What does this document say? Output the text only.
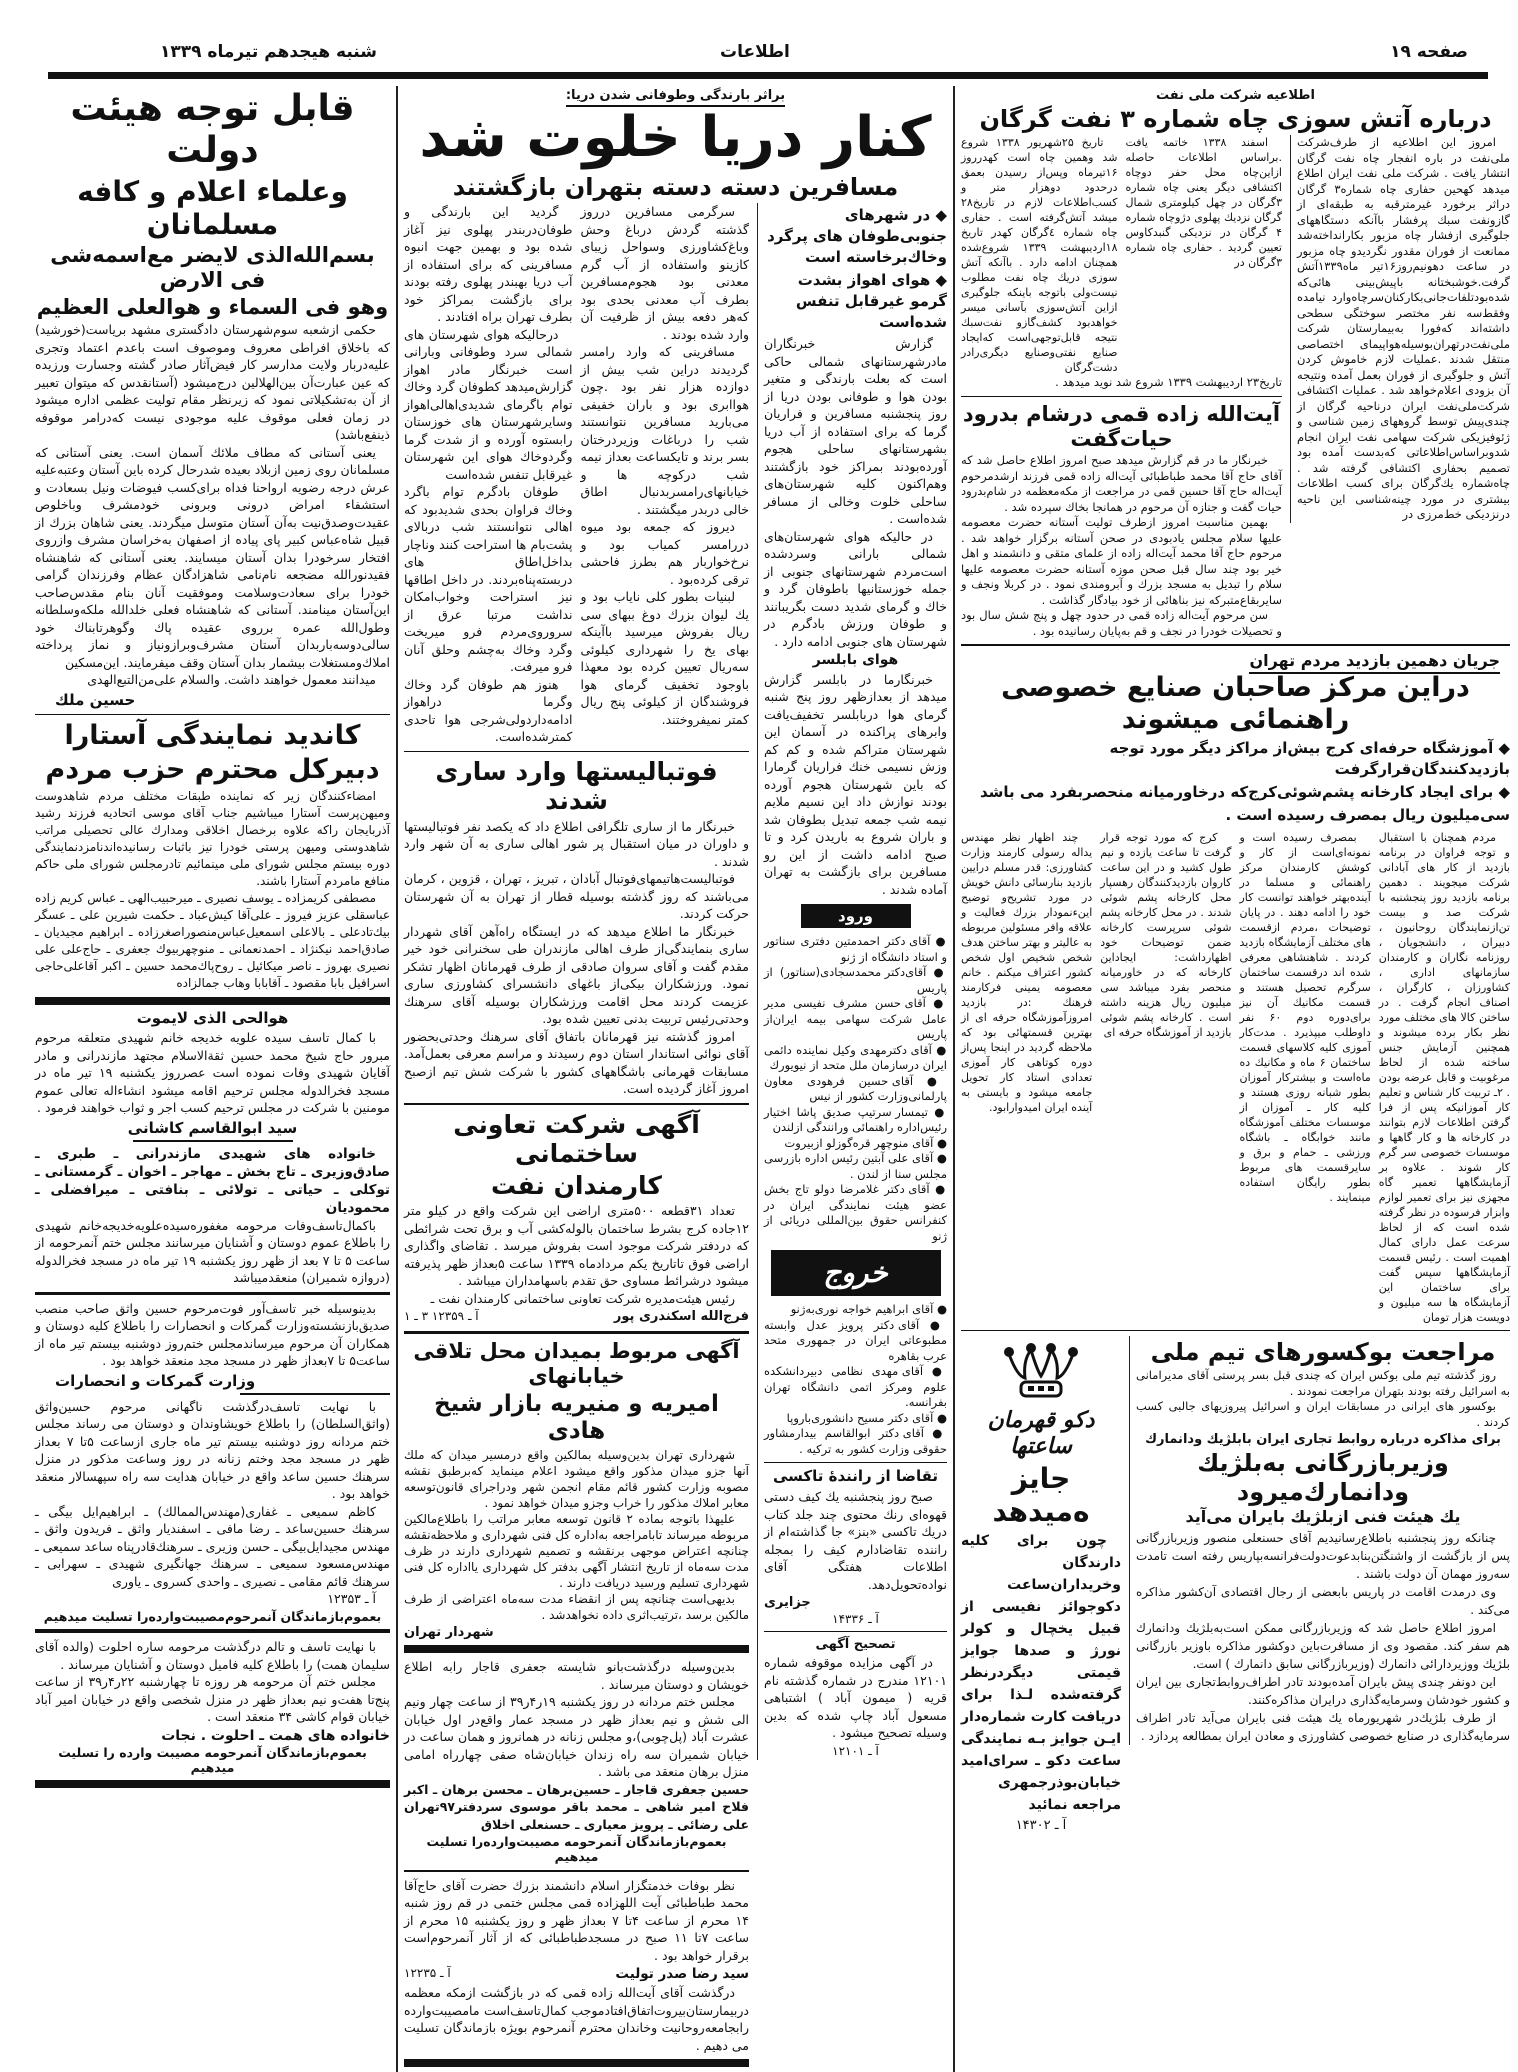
صفحه ۱۹
اطلاعات
شنبه هیجدهم تیرماه ۱۳۳۹
اطلاعیه شرکت ملی نفت
درباره آتش سوزی چاه شماره ۳ نفت گرگان

امروز این اطلاعیه از طرف‌شرکت ملی‌نفت در باره انفجار چاه نفت گرگان انتشار یافت . شرکت ملی نفت ایران اطلاع میدهد کهحین حفاری چاه شماره۳ گرگان دراثر برخورد غیرمترقبه به طبقه‌ای از گازونفت سبك پرفشار باآنکه دستگاههای جلوگیری ازفشار چاه مزبور بکارانداخته‌شد ممانعت از فوران مقدور نگردیدو چاه مزبور در ساعت دهونیم‌روز۱۶تیر ماه۱۳۳۹آتش گرفت.خوشبختانه باپیش‌بینی هائی‌که شده‌بودتلفات‌جانی‌بکارکنان‌سرچاه‌وارد نیامده وفقط‌سه نفر مختصر سوختگی سطحی داشته‌اند که‌فورا به‌بیمارستان شرکت ملی‌نفت‌در‌تهران‌بوسیله‌هواپیمای اختصاصی منتقل شدند .عملیات لازم خاموش کردن آتش و جلوگیری از فوران بعمل آمده ونتیجه آن بزودی اعلام‌خواهد شد . عملیات اکتشافی شرکت‌ملی‌نفت ایران درناحیه گرگان از چندی‌پیش توسط گروههای زمین شناسی و ژئوفیزیکی شرکت سهامی نفت ایران انجام شدوبراساس‌اطلاعاتی که‌بدست آمده بود تصمیم بحفاری اکتشافی گرفته شد . چاه‌شماره یك‌گرگان برای کسب اطلاعات بیشتری در مورد چینه‌شناسی این ناحیه درنزدیکی خط‌مرزی در

اسفند ۱۳۳۸ خاتمه یافت .براساس اطلاعات حاصله ازاین‌چاه محل حفر دوچاه اکتشافی دیگر یعنی چاه شماره ۳گرگان در چهل کیلومتری شمال گرگان نزدیك پهلوی دژوچاه شماره ۴ گرگان در نزدیکی گنبدکاوس تعیین گردید . حفاری چاه شماره ۳گرگان در

تاریخ ۲۵شهریور ۱۳۳۸ شروع شد وهمین چاه است کهدرروز ۱۶تیرماه وپس‌از رسیدن بعمق درحدود دوهزار متر و کسب‌اطلاعات لازم در تاریخ۲۸ میشد آتش‌گرفته است . حفاری چاه شماره ٤گرگان کهدر تاریخ ۱۸اردیبهشت ۱۳۳۹ شروع‌شده همچنان ادامه دارد . باآنکه آتش سوزی دریك چاه نفت مطلوب نیست‌ولی باتوجه باینکه جلوگیری ازاین آتش‌سوزی بآسانی میسر خواهدبود کشف‌گازو نفت‌سبك نتیجه قابل‌توجهی‌است که‌ایجاد صنایع نفتی‌وصنایع دیگری‌رادر دشت‌گرگان

تاریخ۲۳ اردیبهشت ۱۳۳۹ شروع شد نوید میدهد .
آیت‌الله زاده قمی درشام بدرود حیات‌گفت

خبرنگار ما در قم گزارش میدهد صبح امروز اطلاع حاصل شد که آقای حاج آقا محمد طباطبائی آیت‌اله زاده قمی فرزند ارشدمرحوم آیت‌اله حاج آقا حسین قمی در مراجعت از مکه‌معظمه در شام‌بدرود حیات گفت و جنازه آن مرحوم در همانجا بخاك سپرده شد .

بهمین مناسبت امروز ازطرف تولیت آستانه حضرت معصومه علیها سلام مجلس یادبودی در صحن آستانه برگزار خواهد شد . مرحوم حاج آقا محمد آیت‌اله زاده از علمای متقی و دانشمند و اهل خیر بود چند سال قبل صحن موزه آستانه حضرت معصومه علیها سلام را تبدیل به مسجد بزرك و آبرومندی نمود . در کربلا ونجف و سایربقاع‌متبرکه نیز بناهائی از خود بیادگار گذاشت .

سن مرحوم آیت‌اله زاده قمی در حدود چهل و پنج شش سال بود و تحصیلات خودرا در نجف و قم به‌پایان رسانیده بود .

جریان دهمین بازدید مردم تهران
دراین مرکز صاحبان صنایع خصوصی راهنمائی میشوند
◆ آموزشگاه حرفه‌ای کرج بیش‌از مراکز دیگر مورد توجه بازدیدکنندگان‌قرارگرفت
◆ برای ایجاد کارخانه پشم‌شوئی‌کرج‌که درخاورمیانه منحصربفرد می باشد
سی‌میلیون ریال بمصرف رسیده است .

مردم همچنان با استقبال و توجه فراوان در برنامه بازدید از کار های آبادانی شرکت میجویند . دهمین برنامه بازدید روز پنجشنبه با شرکت صد و بیست تن‌ازنمایندگان روحانیون ، دبیران ، دانشجویان ، روزنامه نگاران و کارمندان سازمانهای اداری ، کشاورزان ، کارگران ، اصناف انجام گرفت . در ساختن کالا های مختلف مورد نظر بکار برده میشوند و همچنین آزمایش جنس ساخته شده از لحاظ مرغوبیت و قابل عرضه بودن . ۲ـ تربیت کار شناس و تعلیم کار آموزانیکه پس از فرا گرفتن اطلاعات لازم بتوانند در کارخانه ها و کار گاهها و موسسات خصوصی سر گرم کار شوند . علاوه بر آزمایشگاهها تعمیر گاه مجهزی نیز برای تعمیر لوازم وابزار فرسوده در نظر گرفته شده است که از لحاظ سرعت عمل دارای کمال اهمیت است . رئیس قسمت آزمایشگاهها سپس گفت برای ساختمان این آزمایشگاه ها سه میلیون و دویست هزار تومان

بمصرف رسیده است و نمونه‌ای‌است از کار و کوشش کارمندان مرکز راهنمائی و مسلما در آینده‌بهتر خواهند توانست کار خود را ادامه دهند . در پایان توضیحات ،مردم ازقسمت های مختلف آزمایشگاه بازدید کردند . شاهنشاهی معرفی شده اند درقسمت ساختمان سرگرم تحصیل هستند و قسمت مکانیك آن نیز برای‌دوره دوم ۶۰ نفر داوطلب میپذیرد . مدت‌کار آموزی کلیه کلاسهای قسمت ساختمان ۶ ماه و مکانیك ده ماه‌است و بیشتر‌کار آموزان بطور شبانه روزی هستند و کلیه کار ـ آموزان از موسسات مختلف آموزشگاه مانند خوابگاه ـ باشگاه ورزشی ـ حمام و برق و سایرقسمت های مربوط بطور رایگان استفاده مینمایند .

کرج که مورد توجه قرار گرفت تا ساعت یازده و نیم طول کشید و در این ساعت کاروان بازدیدکنندگان رهسپار محل کارخانه پشم شوئی شدند . در محل کارخانه پشم شوئی سرپرست کارخانه ضمن توضیحات خود اظهارداشت: ایجاداین کارخانه که در خاورمیانه منحصر بفرد میباشد سی میلیون ریال هزینه داشته است . کارخانه پشم شوئی بازدید از آموزشگاه حرفه ای

چند اظهار نظر مهندس یداله رسولی کارمند وزارت کشاورزی: قدر مسلم درایین بازدید بنارسائی دانش خویش در مورد تشریح‌و توضیح اینءنمودار بزرك فعالیت و علاقه وافر مسئولین مربوطه به عالیتر و بهتر ساختن هدف شخص شخیص اول شخص کشور اعتراف میکنم . خانم معصومه یمینی فرکارمند فرهنك :در بازدید امروزآموزشگاه حرفه ای از بهترین قسمتهائی بود که ملاحظه گردید در اینجا پس‌از دوره کوتاهی کار آموزی تعدادی استاد کار تحویل جامعه میشود و بایستی به آینده ایران امیدوارابود.

مراجعت بوکسورهای تیم ملی

روز گذشته تیم ملی بوکس ایران که چندی قبل بسر پرستی آقای مدیرامانی به اسرائیل رفته بودند بتهران مراجعت نمودند .

بوکسور های ایرانی در مسابقات ایران و اسرائیل پیروزیهای جالبی کسب کردند .

برای مذاکره درباره روابط تجاری ایران بابلژیك ودانمارك
وزیربازرگانی به‌بلژیك ودانمارك‌میرود
یك هیئت فنی ازبلژیك بایران می‌آید

چنانکه روز پنجشنبه باطلاع‌رسانیدیم آقای حسنعلی منصور وزیربازرگانی پس از بازگشت از واشنگتن‌بنابدعوت‌دولت‌فرانسه‌بپاریس رفته است تامدت سه‌روز مهمان آن دولت باشند .

وی درمدت اقامت در پاریس بابعضی از رجال اقتصادی آن‌کشور مذاکره می‌کند .

امروز اطلاع حاصل شد که وزیربازرگانی ممکن است‌به‌بلژیك ودانمارك هم سفر کند. مقصود وی از مسافرت‌باین دوکشور مذاکره باوزیر بازرگانی بلژیك ووزیردارائی دانمارك (وزیربازرگانی سابق دانمارك ) است.

این دونفر چندی پیش بایران آمده‌بودند تادر اطراف‌روابط‌تجاری بین ایران و کشور خودشان وسرمایه‌گذاری درایران مذاکره‌کنند.

از طرف بلژیك‌در شهریورماه یك هیئت فنی بایران می‌آید تادر اطراف سرمایه‌گذاری در صنایع خصوصی کشاورزی و معادن ایران بمطالعه پردازد .

دکو قهرمان ساعتها
جایز ه‌میدهد

چون برای کلیه دارندگان وخریداران‌ساعت دکوجوائز نفیسی از قبیل یخچال و کولر نورژ و صدها جوایز قیمتی دیگردرنظر گرفته‌شده لـذا برای دریافت کارت شماره‌دار ایـن جوایز بـه نمایندگی ساعت دکو ـ سرای‌امید خیابان‌بوذرجمهری مراجعه نمائید

آ ـ ۱۴۳۰۲
براثر بارندگی وطوفانی شدن دریا:
کنار دریا خلوت شد
مسافرین دسته دسته بتهران بازگشتند
◆ در شهرهای جنوبی‌طوفان های پرگرد وخاك‌برخاسته است
◆ هوای اهواز بشدت گرمو غیرقابل تنفس شده‌است

گزارش خبرنگاران مادرشهرستانهای شمالی حاکی است که بعلت بارندگی و متغیر بودن هوا و طوفانی بودن دریا از روز پنجشنبه مسافرین و فراریان گرما که برای استفاده از آب دریا بشهرستانهای ساحلی هجوم آورده‌بودند بمراکز خود بازگشتند وهم‌اکنون کلیه شهرستان‌های ساحلی خلوت وخالی از مسافر شده‌است .

در حالیکه هوای شهرستان‌های شمالی بارانی وسردشده است‌مردم شهرستانهای جنوبی از جمله خوزستانیها باطوفان گرد و خاك و گرمای شدید دست بگریبانند و طوفان ورزش بادگرم در شهرستان های جنوبی ادامه دارد .

هوای بابلسر

خبرنگارما در بابلسر گزارش میدهد از بعدازظهر روز پنج شنبه گرمای هوا دربابلسر تخفیف‌یافت وابرهای پراکنده در آسمان این شهرستان متراکم شده و کم کم وزش نسیمی خنك فراریان گرمارا که باین شهرستان هجوم آورده بودند نوازش داد این نسیم ملایم نیمه شب جمعه تبدیل بطوفان شد و باران شروع به باریدن کرد و تا صبح ادامه داشت از این رو مسافرین برای بازگشت به تهران آماده شدند .

ورود

● آقای دکتر احمدمتین دفتری سناتور و استاد دانشگاه از ژنو

● آقای‌دکتر محمدسجادی(سناتور) از پاریس

● آقای حسن مشرف نفیسی مدیر عامل شرکت سهامی بیمه ایران‌از پاریس

● آقای دکترمهدی وکیل نماینده دائمی ایران درسازمان ملل متحد از نیویورك

● آقای حسین فرهودی معاون پارلمانی‌وزارت کشور از نیس

● تیمسار سرتیپ صدیق پاشا اختیار رئیس‌اداره راهنمائی ورانندگی ازلندن

● آقای منوچهر قره‌گوزلو ازبیروت

● آقای علی آبتین رئیس اداره بازرسی مجلس سنا از لندن .

● آقای دکتر غلامرضا دولو تاج بخش عضو هیئت نمایندگی ایران در کنفرانس حقوق بین‌المللی دریائی از ژنو

خروج

● آقای ابراهیم خواجه نوری‌به‌ژنو

● آقای دکتر پرویز عدل وابسته مطبوعاتی ایران در جمهوری متحد عرب بقاهره

● آقای مهدی نظامی دبیردانشکده علوم ومرکز اتمی دانشگاه تهران بفرانسه.

● آقای دکتر مسیح دانشوری‌باروپا

● آقای دکتر ابوالقاسم بیدارمشاور حقوقی وزارت کشور به ترکیه .

تقاضا از رانندۀ تاکسی

صبح روز پنجشنبه یك کیف دستی قهوه‌ای رنك محتوی چند جلد کتاب دریك تاکسی «بنز» جا گذاشته‌ام از راننده تقاضادارم کیف را بمجله اطلاعات هفتگی آقای نواده‌تحویل‌دهد.

جزایری
آ ـ ۱۴۳۳۶
تصحیح آگهی

در آگهی مزایده موقوفه شماره ۱۲۱۰۱ مندرج در شماره گذشته نام قریه ( میمون آباد ) اشتباهی مسعول آباد چاپ شده که بدین وسیله تصحیح میشود .

آ ـ ۱۲۱۰۱

سرگرمی مسافرین درروز گذشته گردش درباغ وحش وباغ‌کشاورزی وسواحل زیبای کازینو واستفاده از آب گرم معدنی بود هجوم‌مسافرین بطرف آب معدنی بحدی بود که‌هر دفعه بیش از ظرفیت آن وارد شده بودند .

مسافرینی که وارد رامسر گردیدند دراین شب بیش از دوازده هزار نفر بود .چون هواابری بود و باران خفیفی می‌بارید مسافرین نتوانستند شب را درباغات وزیردرختان بسر برند و تایکساعت بعداز نیمه شب درکوچه ها و خیابانهای‌رامسربدنبال اطاق خالی دربدر میگشتند .

دیروز که جمعه بود میوه دررامسر کمیاب بود و نرخ‌خواربار هم بطرز فاحشی ترقی کرده‌بود .

لبنیات بطور کلی نایاب بود و یك لیوان بزرك دوغ ببهای سی ریال بفروش میرسید باآینکه بهای یخ را شهرداری کیلوئی سه‌ریال تعیین کرده بود معهذا باوجود تخفیف گرمای هوا فروشندگان از کیلوئی پنج ریال کمتر نمیفروختند.

گردید این بارندگی و طوفان‌دربندر پهلوی نیز آغاز شده بود و بهمین جهت انبوه مسافرینی که برای استفاده از آب دریا بهبندر پهلوی رفته بودند برای بازگشت بمراکز خود بطرف تهران براه افتادند .

درحالیکه هوای شهرستان های شمالی سرد وطوفانی وبارانی است خبرنگار مادر اهواز گزارش‌میدهد کطوفان گرد وخاك توام باگرمای شدیدی‌اهالی‌اهواز وسایرشهرستان های خوزستان رابستوه آورده و از شدت گرما وگردوخاك هوای این شهرستان غیرقابل تنفس شده‌است

طوفان بادگرم توام باگرد وخاك فراوان بحدی شدیدبود که اهالی نتوانستند شب دربالای پشت‌بام ها استراحت کنند وناچار بداخل‌اطاق های دربسته‌پناه‌بردند. در داخل اطاقها نیز استراحت وخواب‌امکان نداشت مرتبا عرق از سروروی‌مردم فرو میریخت وگرد وخاك به‌چشم وحلق آنان فرو میرفت.

هنوز هم طوفان گرد وخاك وگرما دراهواز ادامه‌داردولی‌شرجی هوا تاحدی کمترشده‌است.

فوتبالیستها وارد ساری شدند

خبرنگار ما از ساری تلگرافی اطلاع داد که یکصد نفر فوتبالیستها و داوران در میان استقبال پر شور اهالی ساری به آن شهر وارد شدند .

فوتبالیست‌هاتیمهای‌فوتبال آبادان ، تبریز ، تهران ، قزوین ، کرمان می‌باشند که روز گذشته بوسیله قطار از تهران به آن شهرستان حرکت کردند.

خبرنگار ما اطلاع میدهد که در ایستگاه راه‌آهن آقای شهردار ساری بنمایندگی‌از طرف اهالی مازندران طی سخنرانی خود خیر مقدم گفت و آقای سروان صادقی از طرف قهرمانان اظهار تشکر نمود. ورزشکاران بیکی‌از باغهای دانشسرای کشاورزی ساری عزیمت کردند محل اقامت ورزشکاران بوسیله آقای سرهنك وحدتی‌رئیس تربیت بدنی تعیین شده بود.

امروز گذشته نیز قهرمانان باتفاق آقای سرهنك وحدتی‌بحضور آقای نوائی استاندار استان دوم رسیدند و مراسم معرفی بعمل‌آمد. مسابقات قهرمانی باشگاههای کشور با شرکت شش تیم ازصبح امروز آغاز گردیده است.

آگهی شرکت تعاونی ساختمانی
کارمندان نفت

تعداد ۳۱قطعه ۵۰۰متری اراضی این شرکت واقع در کیلو متر ۱۲جاده کرج بشرط ساختمان بالوله‌کشی آب و برق تحت شرائطی که دردفتر شرکت موجود است بفروش میرسد . تقاضای واگذاری اراضی فوق تاتاریخ یکم مردادماه ۱۳۳۹ ساعت ۵بعداز ظهر پذیرفته میشود درشرائط مساوی حق تقدم باسهامداران میباشد .

رئیس هیئت‌مدیره شرکت تعاونی ساختمانی کارمندان نفت ـ

فرج‌الله اسکندری پور
آ ـ ۱۲۳۵۹ ۳ ـ ۱
آگهی مربوط بمیدان محل تلاقی خیابانهای
امیریه و منیریه بازار شیخ هادی

شهرداری تهران بدین‌وسیله بمالکین واقع درمسیر میدان که ملك آنها جزو میدان مذکور واقع میشود اعلام مینماید که‌برطبق نقشه مصوبه وزارت کشور قائم مقام انجمن شهر ودراجرای قانون‌توسعه معابر املاك مذکور را خراب وجزو میدان خواهد نمود .

علیهذا باتوجه بماده ۲ قانون توسعه معابر مراتب را باطلاع‌مالکین مربوطه میرساند تابامراجعه به‌اداره کل فنی شهرداری و ملاحظه‌نقشه چنانچه اعتراض موجهی برنقشه و تصمیم شهرداری دارند در ظرف مدت سه‌ماه از تاریخ انتشار آگهی بدفتر کل شهرداری یااداره کل فنی شهرداری تسلیم ورسید دریافت دارند .

بدیهی‌است چنانچه پس از انقضاء مدت سه‌ماه اعتراضی از طرف مالکین برسد ،ترتیب‌اثری داده نخواهدشد .

شهردار تهران

بدین‌وسیله درگذشت‌بانو شایسته جعفری قاجار رابه اطلاع خویشان و دوستان میرساند .

مجلس ختم مردانه در روز یکشنبه ۱۹ر۴ر۳۹ از ساعت چهار ونیم الی شش و نیم بعداز ظهر در مسجد عمار واقع‌در اول خیابان عشرت آباد (پل‌چوبی)،و مجلس زنانه در همانروز و همان ساعت در خیابان شمیران سه راه زندان خیابان‌شاه صفی چهارراه امامی منزل برهان منعقد می باشد .

حسین جعفری قاجار ـ حسین‌برهان ـ محسن برهان ـ اکبر فلاح امیر شاهی ـ محمد باقر موسوی سردفتر۹۷تهران علی رضائی ـ پرویز معیاری ـ حسنعلی اخلاق

بعموم‌بازماندگان آنمرحومه مصیبت‌وارده‌را تسلیت میدهیم

نظر بوفات خدمتگزار اسلام دانشمند بزرك حضرت آقای حاج‌آقا محمد طباطبائی آیت اللهزاده قمی مجلس ختمی در قم روز شنبه ۱۴ محرم از ساعت ۴تا ۷ بعداز ظهر و روز یکشنبه ۱۵ محرم از ساعت ۷تا ۱۱ صبح در مسجدطباطبائی که از آثار آنمرحوم‌است برقرار خواهد بود .

سید رضا صدر تولیت
آ ـ ۱۲۲۳۵

درگذشت آقای آیت‌الله زاده قمی که در بازگشت ازمکه معظمه دربیمارستان‌بیروت‌اتفاق‌افتادموجب کمال‌تاسف‌است مامصیبت‌وارده رابجامعه‌روحانیت وخاندان محترم آنمرحوم بویژه بازماندگان تسلیت می دهیم .

قابل توجه هیئت دولت
وعلماء اعلام و کافه مسلمانان
بسم‌الله‌الذی لایضر مع‌اسمه‌شی فی الارض
وهو فی السماء و هوالعلی العظیم

حکمی ازشعبه سوم‌شهرستان دادگستری مشهد بریاست(خورشید) که باخلاق افراطی معروف وموصوف است باعدم اعتماد وتجری علیه‌دربار ولایت مدارسر کار فیض‌آثار صادر گشته وجسارت ورزیده که عین عبارت‌آن بین‌الهلالین درج‌میشود (آستانقدس که میتوان تعبیر از آن به‌تشکیلاتی نمود که زیرنظر مقام تولیت عظمی اداره میشود در زمان فعلی موقوف علیه موجودی نیست که‌درامر موقوفه ذینفع‌باشد)

یعنی آستانی که مطاف ملائك آسمان است. یعنی آستانی که مسلمانان روی زمین ازبلاد بعیده شدرحال کرده باین آستان وعتبه‌علیه عرش درجه رضویه ارواحنا فداه برای‌کسب فیوضات ونیل بسعادت و استشفاء امراض درونی وبرونی خودمشرف وباخلوص عقیدت‌وصدق‌نیت به‌آن آستان متوسل میگردند. یعنی شاهان بزرك از قبیل شاه‌عباس کبیر پای پیاده از اصفهان به‌خراسان مشرف وازروی افتخار سرخودرا بدان آستان میسایند. یعنی آستانی که شاهنشاه فقیدنورالله مضجعه نام‌نامی شاهزادگان عظام وفرزندان گرامی خودرا برای سعادت‌وسلامت وموفقیت آنان بنام مقدس‌صاحب این‌آستان مینامند. آستانی که شاهنشاه فعلی خلدالله ملکه‌وسلطانه وطول‌الله عمره برروی عقیده پاك وگوهرتابناك خود سالی‌دوسه‌باربدان آستان مشرف‌وبرازونیاز و نماز پرداخته املاك‌ومستغلات بیشمار بدان آستان وقف میفرمایند. این‌مسکین

میدانند معمول خواهند داشت. والسلام علی‌من‌التبع‌الهدی

حسین ملك
کاندید نمایندگی آستارا
دبیرکل محترم حزب مردم

امضاءکنندگان زیر که نماینده طبقات مختلف مردم شاهدوست ومیهن‌پرست آستارا میباشیم جناب آقای موسی اتحادیه فرزند رشید آذربایجان راکه علاوه برخصال اخلاقی ومدارك عالی تحصیلی مراتب شاهدوستی ومیهن پرستی خودرا نیز باثبات رسانیده‌اندنامزدنمایندگی دوره بیستم مجلس شورای ملی مینمائیم تادرمجلس شورای ملی حاکم منافع مامردم آستارا باشند.

مصطفی کریمزاده ـ یوسف نصیری ـ میرحبیب‌الهی ـ عباس کریم زاده عباسقلی عزیز فیروز ـ علی‌آقا کیش‌عباد ـ حکمت شیرین علی ـ عسگر بیك‌تادعلی ـ بالاعلی اسمعیل‌عباس‌منصوراصغرزاده ـ ابراهیم مجیدیان ـ صادق‌احمد نیکنژاد ـ احمدنعمانی ـ منوچهربیوك جعفری ـ حاج‌علی علی نصیری بهروز ـ ناصر میکائیل ـ روح‌پاك‌محمد حسین ـ اکبر آقاعلی‌حاجی اسرافیل بابا مقصود ـ آقابابا وهاب جمالزاده

هوالحی الذی لایموت

با کمال تاسف سیده علویه خدیجه خانم شهیدی متعلقه مرحوم مبرور حاج شیخ محمد حسین ثقةالاسلام مجتهد مازندرانی و مادر آقایان شهیدی وفات نموده است عصرروز یکشنبه ۱۹ تیر ماه در مسجد فخرالدوله مجلس ترحیم اقامه میشود انشاءاله تعالی عموم مومنین با شرکت در مجلس ترحیم کسب اجر و ثواب خواهند فرمود .

سید ابوالقاسم کاشانی

خانواده های شهیدی مازندرانی ـ طبری ـ صادق‌وزیری ـ تاج بخش ـ مهاجر ـ اخوان ـ گرمستانی ـ توکلی ـ حیاتی ـ تولائی ـ بنافتی ـ میرافضلی ـ محمودیان

باکمال‌تاسف‌وفات مرحومه مغفوره‌سیده‌علویه‌خدیجه‌خانم شهیدی را باطلاع عموم دوستان و آشنایان میرسانند مجلس ختم آنمرحومه از ساعت ۵ تا ۷ بعد از ظهر روز یکشنبه ۱۹ تیر ماه در مسجد فخرالدوله (دروازه شمیران) منعقدمیباشد

بدینوسیله خبر تاسف‌آور فوت‌مرحوم حسین واثق صاحب منصب صدیق‌بازنشسته‌وزارت گمرکات و انحصارات را باطلاع کلیه دوستان و همکاران آن مرحوم میرساندمجلس ختم‌روز دوشنبه بیستم تیر ماه از ساعت۵ تا ۷بعداز ظهر در مسجد مجد منعقد خواهد بود .

وزارت گمرکات و انحصارات

با نهایت تاسف‌درگذشت ناگهانی مرحوم حسین‌واثق (واثق‌السلطان) را باطلاع خویشاوندان و دوستان می رساند مجلس ختم مردانه روز دوشنبه بیستم تیر ماه جاری ازساعت ۵تا ۷ بعداز ظهر در مسجد مجد وختم زنانه در روز وساعت مذکور در منزل سرهنك حسین ساعد واقع در خیابان هدایت سه راه سپهسالار منعقد خواهد بود .

کاظم سمیعی ـ غفاری(مهندس‌الممالك) ـ ابراهیم‌ایل بیگی ـ سرهنك حسین‌ساعد ـ رضا مافی ـ اسفندیار واثق ـ فریدون واثق ـ مهندس مجیدایل‌بیگی ـ حسن وزیری ـ سرهنك‌قادرپناه ساعد سمیعی ـ مهندس‌مسعود سمیعی ـ سرهنك جهانگیری شهیدی ـ سهرابی ـ سرهنك قائم مقامی ـ نصیری ـ واحدی کسروی ـ یاوری

آ ـ ۱۲۳۵۳

بعموم‌بازماندگان آنمرحوم‌مصیبت‌وارده‌را تسلیت میدهیم

با نهایت تاسف و تالم درگذشت مرحومه ساره احلوت (والده آقای سلیمان همت) را باطلاع کلیه فامیل دوستان و آشنایان میرساند .

مجلس ختم آن مرحومه هر روزه تا چهارشنبه ۲۲ر۴ر۳۹ از ساعت پنج‌تا هفت‌و نیم بعداز ظهر در منزل شخصی واقع در خیابان امیر آباد خیابان قوام کاشی ۳۴ منعقد است .

خانواده های همت ـ احلوت . نجات
بعموم‌بازماندگان آنمرحومه مصیبت وارده را تسلیت میدهیم
